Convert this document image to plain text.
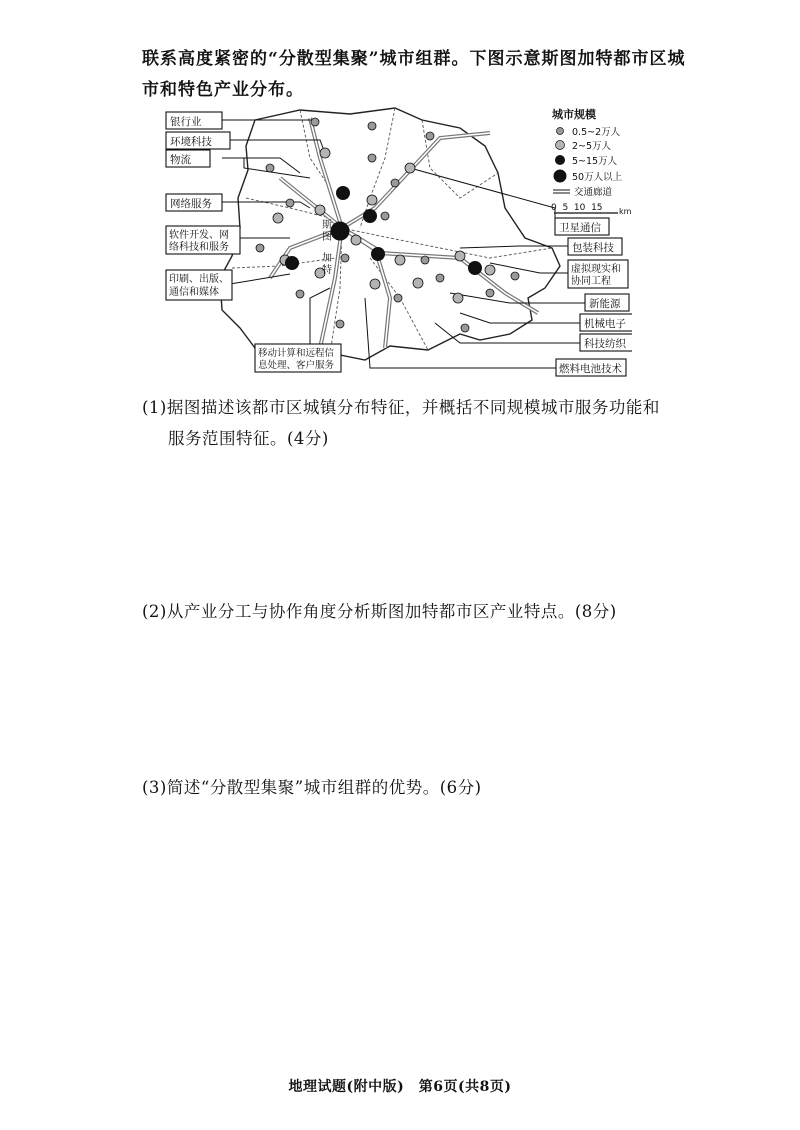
联系高度紧密的“分散型集聚”城市组群。下图示意斯图加特都市区城

市和特色产业分布。

斯
图
加
特
城市规模
0.5~2万人
2~5万人
5~15万人
50万人以上
交通廊道
0  5  10  15 km
银行业
环境科技
物流
网络服务
软件开发、网
络科技和服务
印刷、出版、
通信和媒体
移动计算和远程信
息处理、客户服务
卫星通信
包装科技
虚拟现实和
协同工程
新能源
机械电子
科技纺织
燃料电池技术
(1)据图描述该都市区城镇分布特征，并概括不同规模城市服务功能和
服务范围特征。(4分)
(2)从产业分工与协作角度分析斯图加特都市区产业特点。(8分)
(3)简述“分散型集聚”城市组群的优势。(6分)
地理试题(附中版)　第6页(共8页)
